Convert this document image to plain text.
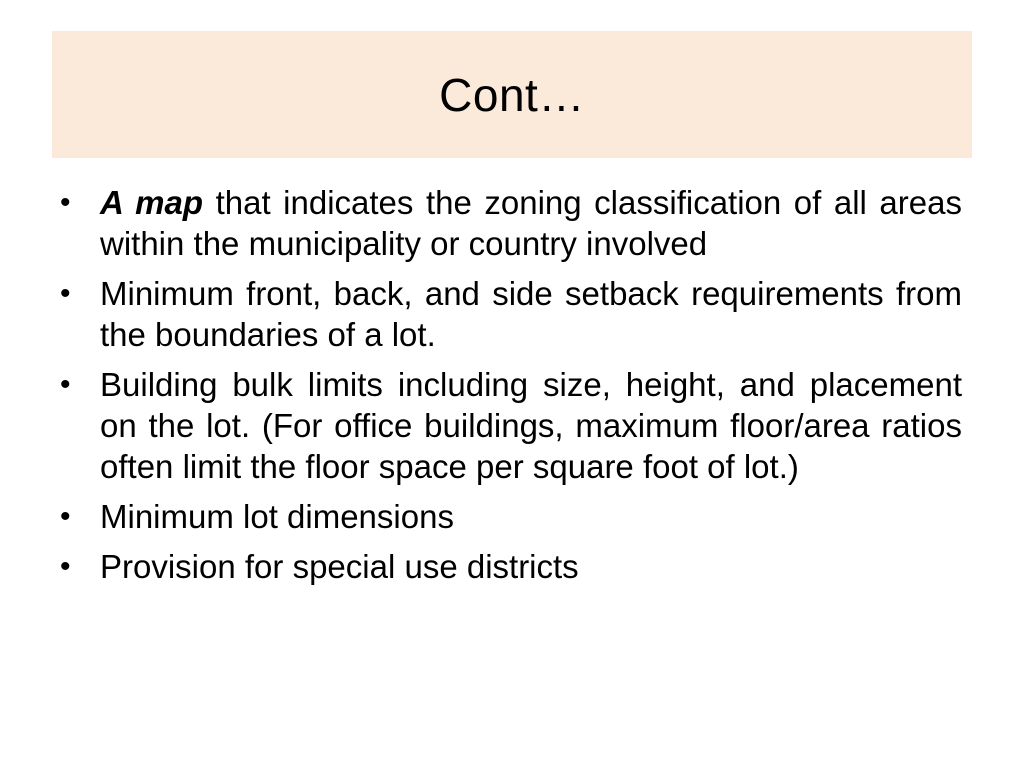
Cont…
• A map that indicates the zoning classification of all areas within the municipality or country involved
• Minimum front, back, and side setback requirements from the boundaries of a lot.
• Building bulk limits including size, height, and placement on the lot. (For office buildings, maximum floor/area ratios often limit the floor space per square foot of lot.)
• Minimum lot dimensions
• Provision for special use districts
